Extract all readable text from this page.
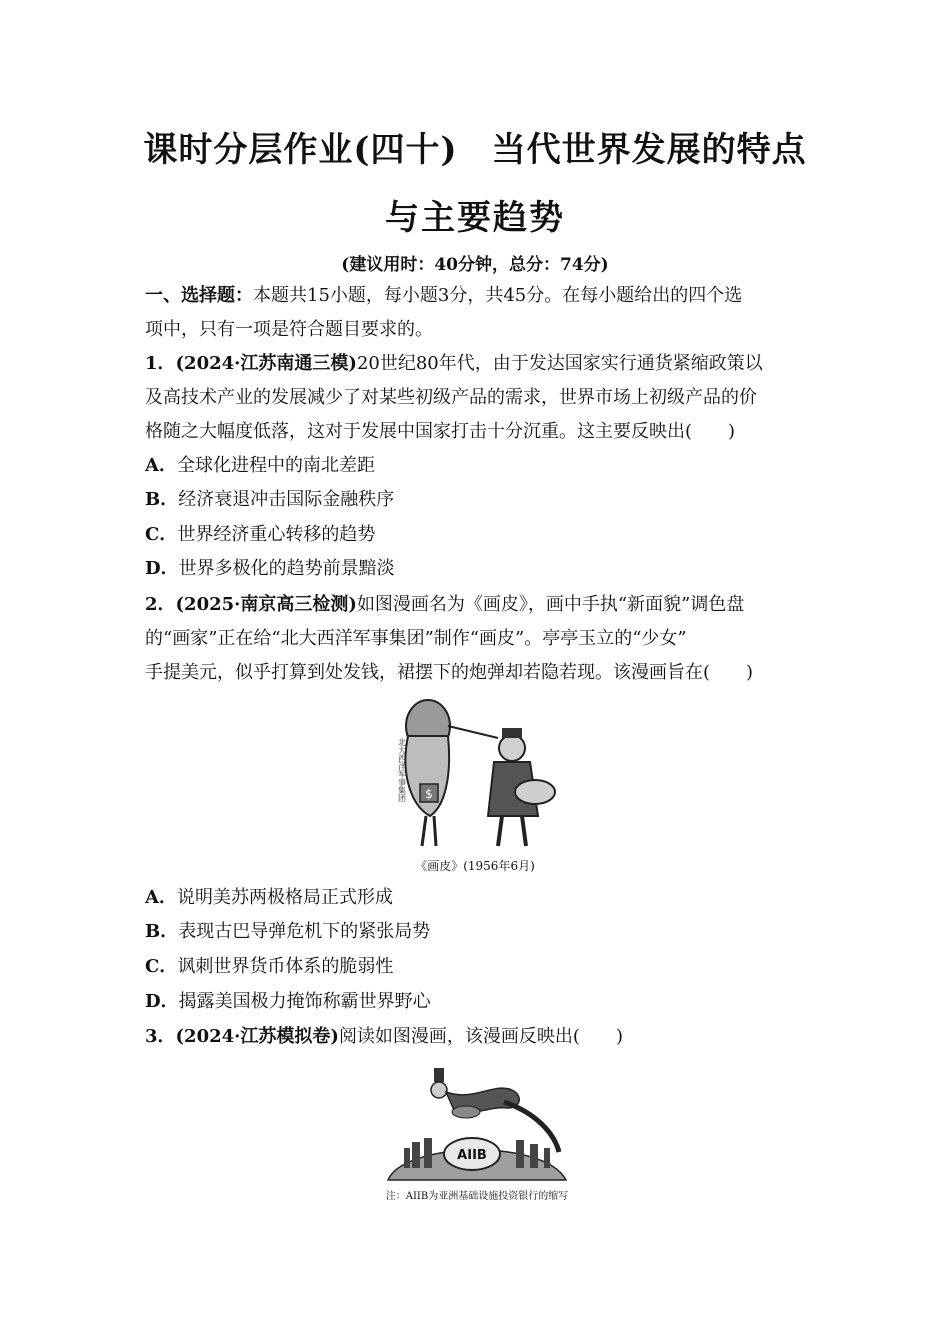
课时分层作业(四十) 当代世界发展的特点
与主要趋势
(建议用时：40分钟，总分：74分)
一、选择题：本题共15小题，每小题3分，共45分。在每小题给出的四个选
项中，只有一项是符合题目要求的。
1．(2024·江苏南通三模)20世纪80年代，由于发达国家实行通货紧缩政策以
及高技术产业的发展减少了对某些初级产品的需求，世界市场上初级产品的价
格随之大幅度低落，这对于发展中国家打击十分沉重。这主要反映出(　　)
A．全球化进程中的南北差距
B．经济衰退冲击国际金融秩序
C．世界经济重心转移的趋势
D．世界多极化的趋势前景黯淡
2．(2025·南京高三检测)如图漫画名为《画皮》，画中手执“新面貌”调色盘
的“画家”正在给“北大西洋军事集团”制作“画皮”。亭亭玉立的“少女”
手提美元，似乎打算到处发钱，裙摆下的炮弹却若隐若现。该漫画旨在(　　)
$
北大西洋军事集团
《画皮》(1956年6月)
A．说明美苏两极格局正式形成
B．表现古巴导弹危机下的紧张局势
C．讽刺世界货币体系的脆弱性
D．揭露美国极力掩饰称霸世界野心
3．(2024·江苏模拟卷)阅读如图漫画，该漫画反映出(　　)
AIIB
注：AIIB为亚洲基础设施投资银行的缩写
